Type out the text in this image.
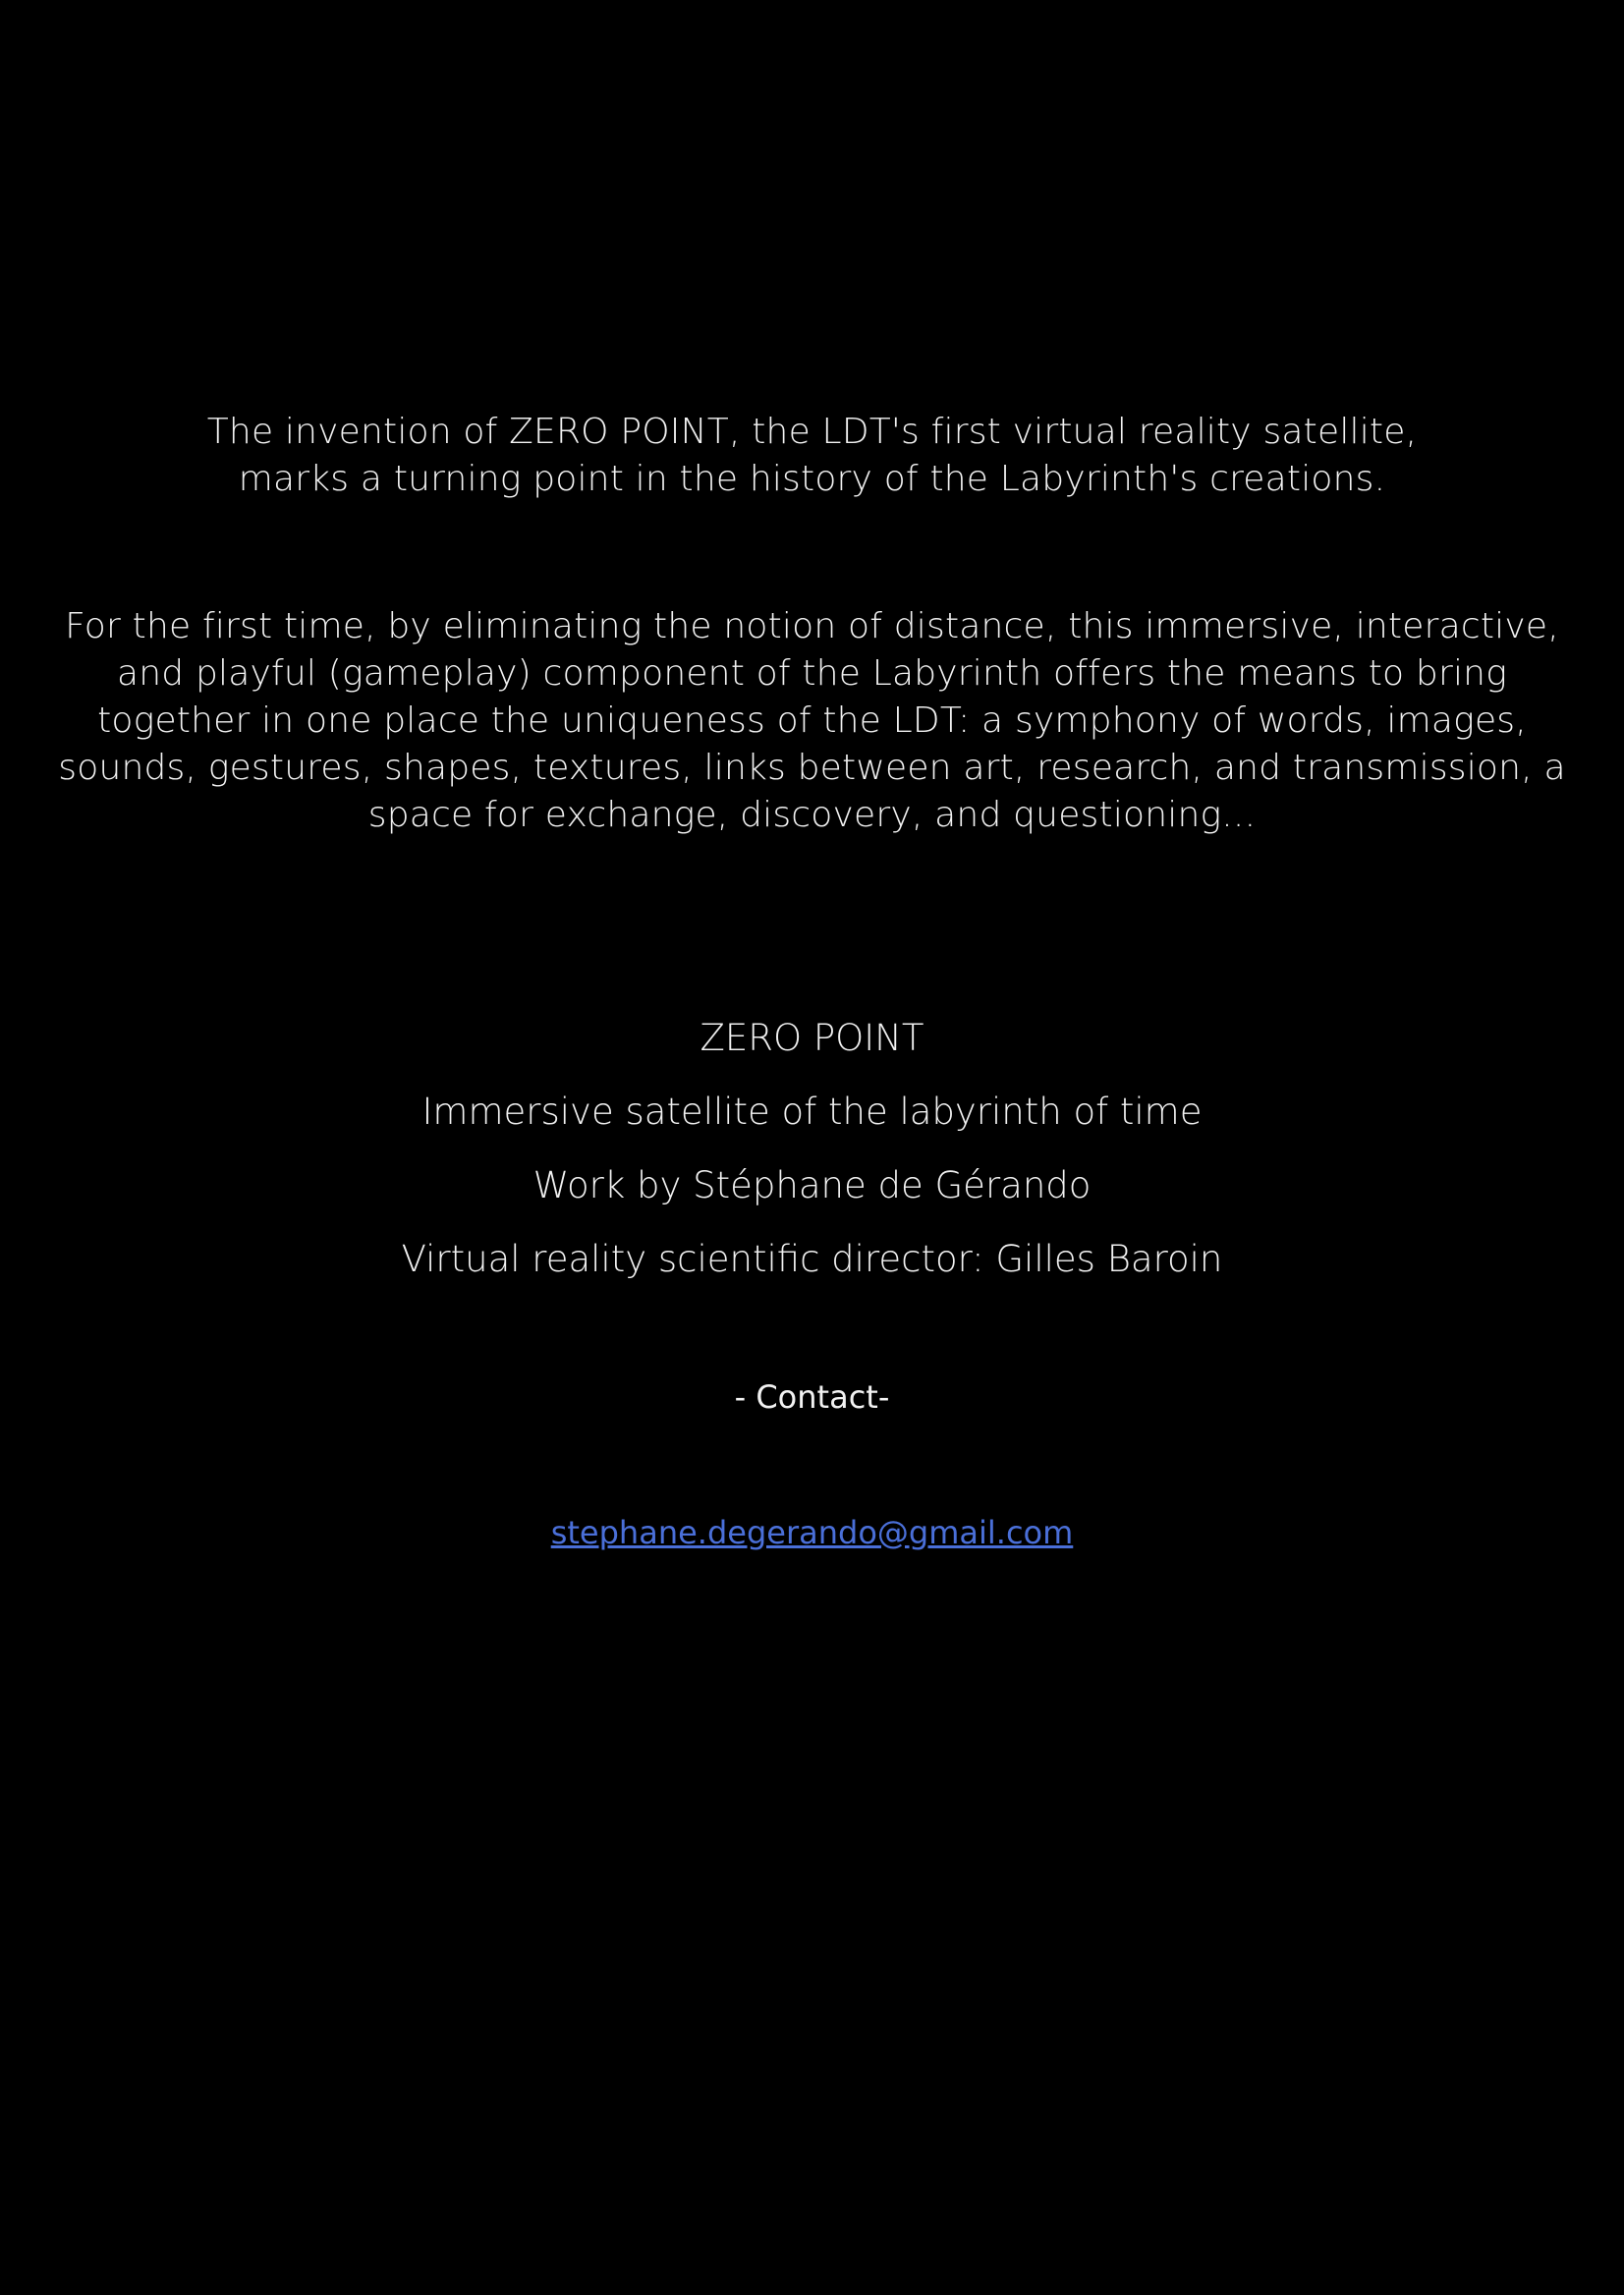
The invention of ZERO POINT, the LDT's first virtual reality satellite,

marks a turning point in the history of the Labyrinth's creations.

For the first time, by eliminating the notion of distance, this immersive, interactive,

and playful (gameplay) component of the Labyrinth offers the means to bring

together in one place the uniqueness of the LDT: a symphony of words, images,

sounds, gestures, shapes, textures, links between art, research, and transmission, a

space for exchange, discovery, and questioning...

ZERO POINT
Immersive satellite of the labyrinth of time
Work by Stéphane de Gérando
Virtual reality scientific director: Gilles Baroin
- Contact-
stephane.degerando@gmail.com
